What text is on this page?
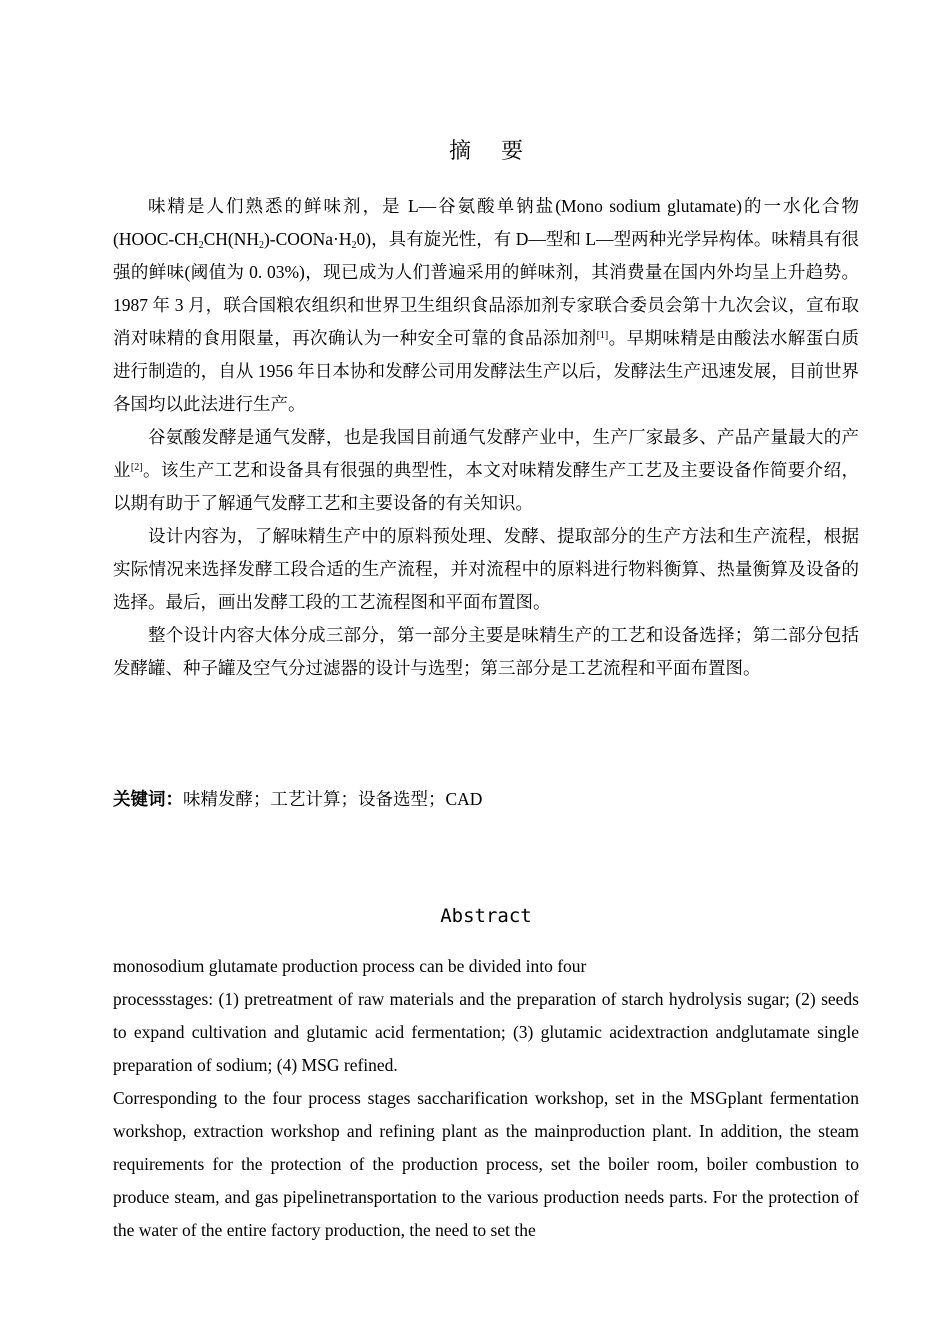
摘要

味精是人们熟悉的鲜味剂，是 L—谷氨酸单钠盐(Mono sodium glutamate)的一水化合物$(HOOC-CH_2CH(NH_2)-COONa\cdot H_20)$，具有旋光性，有 D—型和 L—型两种光学异构体。味精具有很强的鲜味(阈值为 0. 03%)，现已成为人们普遍采用的鲜味剂，其消费量在国内外均呈上升趋势。1987 年 3 月，联合国粮农组织和世界卫生组织食品添加剂专家联合委员会第十九次会议，宣布取消对味精的食用限量，再次确认为一种安全可靠的食品添加剂[1]。早期味精是由酸法水解蛋白质进行制造的，自从 1956 年日本协和发酵公司用发酵法生产以后，发酵法生产迅速发展，目前世界各国均以此法进行生产。

谷氨酸发酵是通气发酵，也是我国目前通气发酵产业中，生产厂家最多、产品产量最大的产业[2]。该生产工艺和设备具有很强的典型性，本文对味精发酵生产工艺及主要设备作简要介绍，以期有助于了解通气发酵工艺和主要设备的有关知识。

设计内容为，了解味精生产中的原料预处理、发酵、提取部分的生产方法和生产流程，根据实际情况来选择发酵工段合适的生产流程，并对流程中的原料进行物料衡算、热量衡算及设备的选择。最后，画出发酵工段的工艺流程图和平面布置图。

整个设计内容大体分成三部分，第一部分主要是味精生产的工艺和设备选择；第二部分包括发酵罐、种子罐及空气分过滤器的设计与选型；第三部分是工艺流程和平面布置图。

关键词：味精发酵；工艺计算；设备选型；CAD
Abstract

monosodium glutamate production process can be divided into four

processstages: (1) pretreatment of raw materials and the preparation of starch hydrolysis sugar; (2) seeds to expand cultivation and glutamic acid fermentation; (3) glutamic acidextraction andglutamate single preparation of sodium; (4) MSG refined.

Corresponding to the four process stages saccharification workshop, set in the MSGplant fermentation workshop, extraction workshop and refining plant as the mainproduction plant. In addition, the steam requirements for the protection of the production process, set the boiler room, boiler combustion to produce steam, and gas pipelinetransportation to the various production needs parts. For the protection of the water of the entire factory production, the need to set the
